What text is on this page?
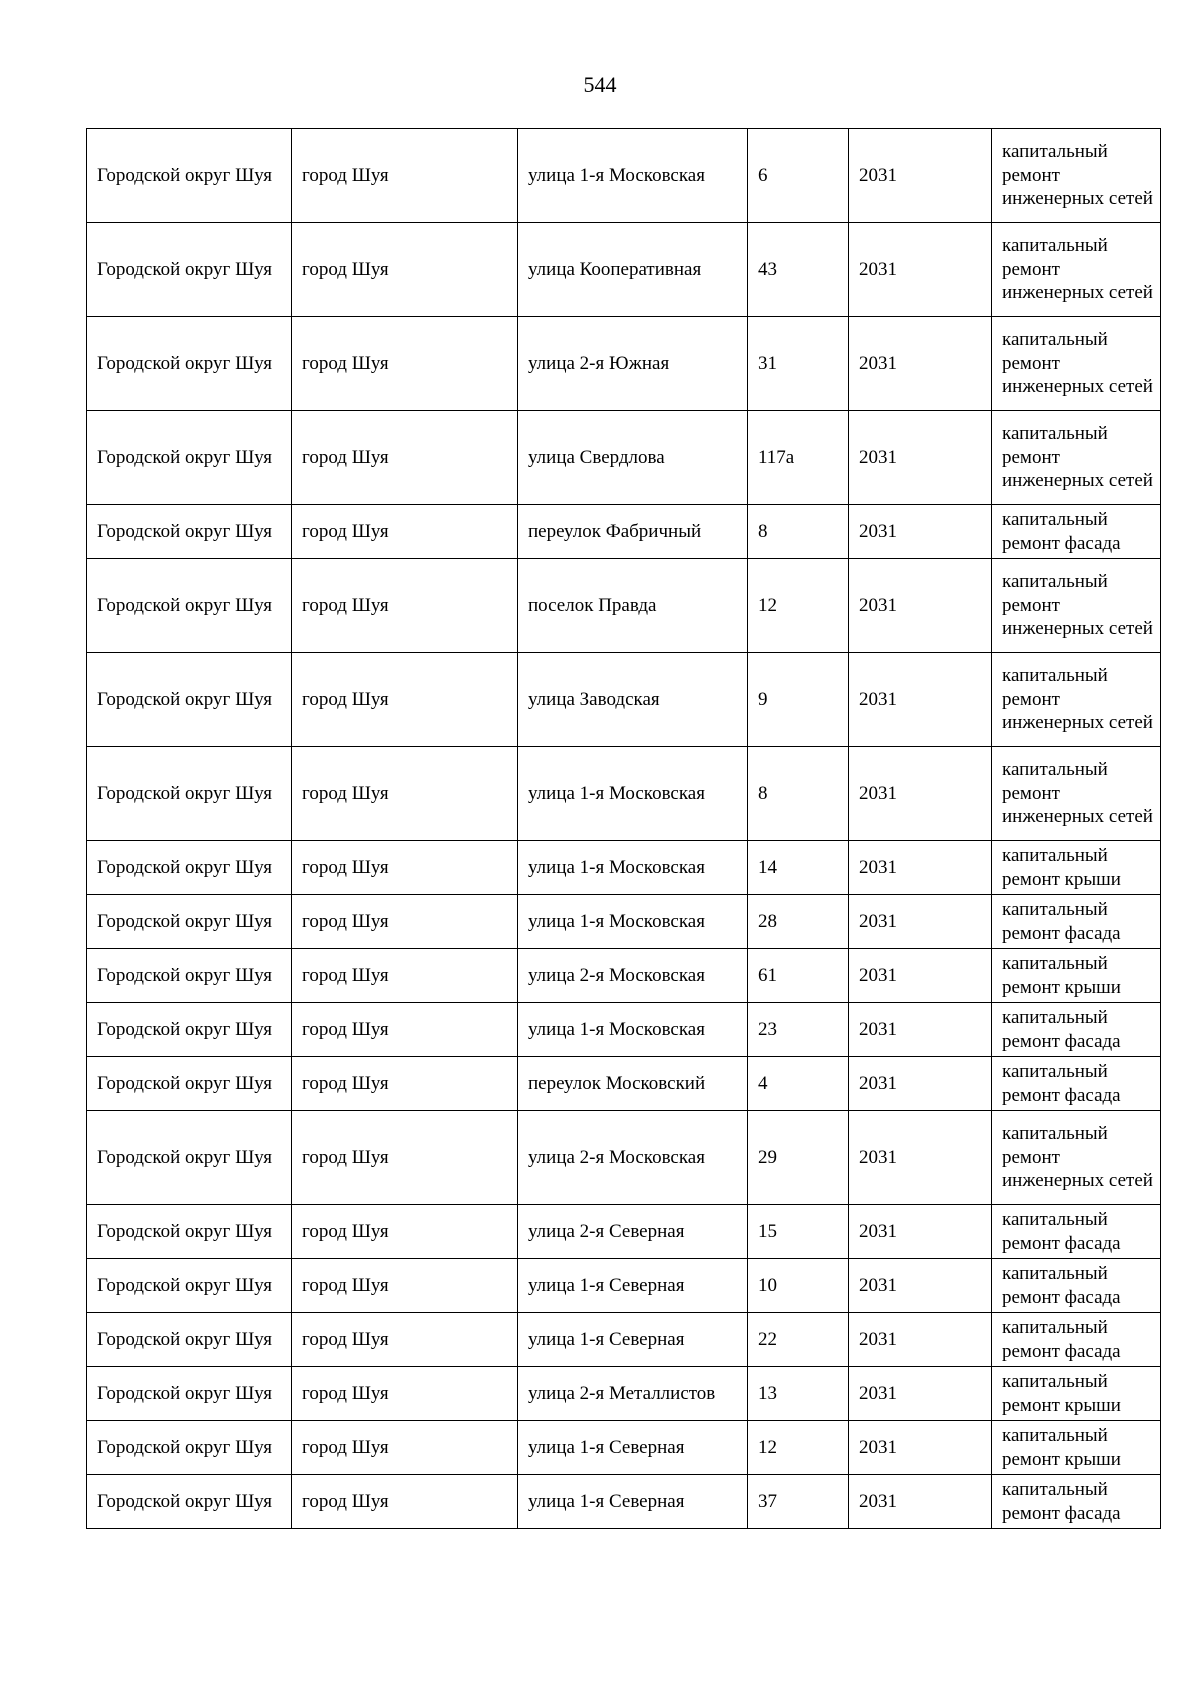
544
Городской округ Шуя	город Шуя	улица 1-я Московская	6	2031	капитальный ремонт инженерных сетей
Городской округ Шуя	город Шуя	улица Кооперативная	43	2031	капитальный ремонт инженерных сетей
Городской округ Шуя	город Шуя	улица 2-я Южная	31	2031	капитальный ремонт инженерных сетей
Городской округ Шуя	город Шуя	улица Свердлова	117а	2031	капитальный ремонт инженерных сетей
Городской округ Шуя	город Шуя	переулок Фабричный	8	2031	капитальный ремонт фасада
Городской округ Шуя	город Шуя	поселок Правда	12	2031	капитальный ремонт инженерных сетей
Городской округ Шуя	город Шуя	улица Заводская	9	2031	капитальный ремонт инженерных сетей
Городской округ Шуя	город Шуя	улица 1-я Московская	8	2031	капитальный ремонт инженерных сетей
Городской округ Шуя	город Шуя	улица 1-я Московская	14	2031	капитальный ремонт крыши
Городской округ Шуя	город Шуя	улица 1-я Московская	28	2031	капитальный ремонт фасада
Городской округ Шуя	город Шуя	улица 2-я Московская	61	2031	капитальный ремонт крыши
Городской округ Шуя	город Шуя	улица 1-я Московская	23	2031	капитальный ремонт фасада
Городской округ Шуя	город Шуя	переулок Московский	4	2031	капитальный ремонт фасада
Городской округ Шуя	город Шуя	улица 2-я Московская	29	2031	капитальный ремонт инженерных сетей
Городской округ Шуя	город Шуя	улица 2-я Северная	15	2031	капитальный ремонт фасада
Городской округ Шуя	город Шуя	улица 1-я Северная	10	2031	капитальный ремонт фасада
Городской округ Шуя	город Шуя	улица 1-я Северная	22	2031	капитальный ремонт фасада
Городской округ Шуя	город Шуя	улица 2-я Металлистов	13	2031	капитальный ремонт крыши
Городской округ Шуя	город Шуя	улица 1-я Северная	12	2031	капитальный ремонт крыши
Городской округ Шуя	город Шуя	улица 1-я Северная	37	2031	капитальный ремонт фасада
